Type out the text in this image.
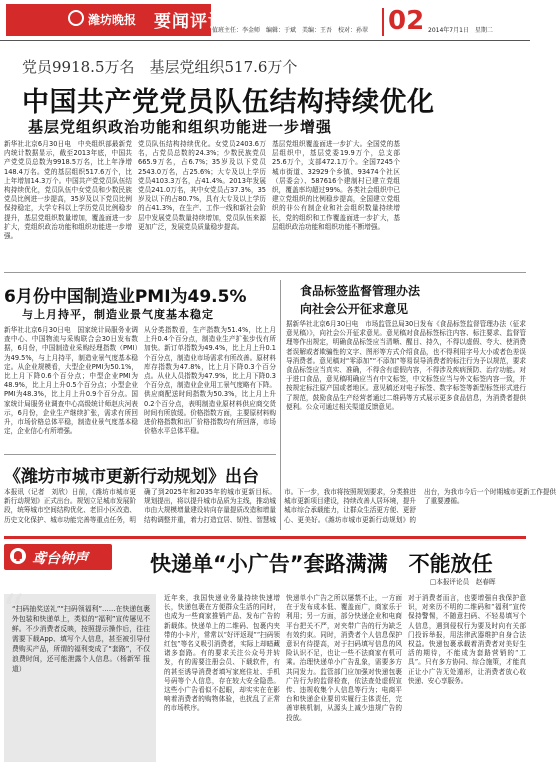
潍坊晚报 要闻评论
值班主任：李金师　编辑：于斌　美编：王吾　校对：孙翠 02 2014年7月1日　星期二
党员9918.5万名　基层党组织517.6万个
中国共产党党员队伍结构持续优化
基层党组织政治功能和组织功能进一步增强
新华社北京6月30日电　中央组织部最新党内统计数据显示，截至2013年底，中国共产党党员总数为9918.5万名，比上年净增148.4万名。党的基层组织517.6万个，比上年增加14.3万个。中国共产党党员队伍结构持续优化，党员队伍中女党员和少数民族党员比例进一步提高，35岁及以下党员比例保持稳定，大学专科以上学历党员比例稳步提升，基层党组织数量增加，覆盖面进一步扩大，党组织政治功能和组织功能进一步增强。
党员队伍结构持续优化。女党员2403.6万名，占党员总数的24.3%；少数民族党员665.9万名，占6.7%；35岁及以下党员2543.0万名，占25.6%；大专及以上学历党员4103.3万名，占41.4%。2013年发展党员241.0万名，其中女党员占37.3%，35岁及以下的占80.7%，具有大专及以上学历的占41.3%，在生产、工作一线和新社会阶层中发展党员数量持续增加，党员队伍来源更加广泛，发展党员质量稳步提高。
基层党组织覆盖面进一步扩大。全国党的基层组织中，基层党委19.9万个，总支部25.6万个，支部472.1万个。全国7245个城市街道、32929个乡镇、93474个社区（居委会）、587616个建制村已建立党组织，覆盖率均超过99%。各类社会组织中已建立党组织的比例稳步提高，全国建立党组织的非公有制企业和社会组织数量持续增长，党的组织和工作覆盖面进一步扩大，基层组织政治功能和组织功能不断增强。
6月份中国制造业PMI为49.5%
与上月持平，制造业景气度基本稳定
新华社北京6月30日电　国家统计局服务业调查中心、中国物流与采购联合会30日发布数据，6月份，中国制造业采购经理指数（PMI）为49.5%，与上月持平，制造业景气度基本稳定。从企业规模看，大型企业PMI为50.1%，比上月下降0.6个百分点；中型企业PMI为48.9%，比上月上升0.5个百分点；小型企业PMI为48.3%，比上月上升0.9个百分点。国家统计局服务业调查中心高级统计师赵庆河表示，6月份，企业生产继续扩张，需求有所回升，市场价格总体平稳，制造业景气度基本稳定，企业信心有所增强。
从分类指数看，生产指数为51.4%，比上月上升0.4个百分点，制造业生产扩张步伐有所加快。新订单指数为49.4%，比上月上升0.1个百分点，制造业市场需求有所改善。原材料库存指数为47.8%，比上月下降0.3个百分点。从业人员指数为47.9%，比上月下降0.3个百分点，制造业企业用工景气度略有下降。供应商配送时间指数为50.3%，比上月上升0.2个百分点，表明制造业原材料供应商交货时间有所放缓。价格指数方面，主要原材料购进价格指数和出厂价格指数均有所回落，市场价格水平总体平稳。
食品标签监督管理办法
向社会公开征求意见
据新华社北京6月30日电　市场监管总局30日发布《食品标签监督管理办法（征求意见稿）》，向社会公开征求意见。意见稿对食品标签标注内容、标注要求、监督管理等作出规定，明确食品标签应当清晰、醒目、持久，不得以虚假、夸大、使消费者误解或者欺骗性的文字、图形等方式介绍食品，也不得利用字号大小或者色差误导消费者。意见稿对“零添加”“不添加”等易误导消费者的标注行为予以规范，要求食品标签应当真实、准确，不得含有虚假内容，不得涉及疾病预防、治疗功能。对于进口食品，意见稿明确应当有中文标签，中文标签应当与外文标签内容一致，并按规定标注原产国或者地区。意见稿还对电子标签、数字标签等新型标签形式进行了规范，鼓励食品生产经营者通过二维码等方式展示更多食品信息，为消费者提供便利。公众可通过相关渠道反馈意见。
《潍坊市城市更新行动规划》出台
本报讯（记者　刘欣）日前，《潍坊市城市更新行动规划》正式出台。规划立足城市发展阶段，统筹城市空间结构优化、老旧小区改造、历史文化保护、城市功能完善等重点任务，明确了到2025年和2035年的城市更新目标。规划提出，将以提升城市品质为主线，推动城市由大规模增量建设转向存量提质改造和增量结构调整并重，着力打造宜居、韧性、智慧城市。下一步，我市将按照规划要求，分类推进城市更新项目建设，持续改善人居环境，提升城市综合承载能力，让群众生活更方便、更舒心、更美好。《潍坊市城市更新行动规划》的出台，为我市今后一个时期城市更新工作提供了重要遵循。
鸢台钟声	快递单“小广告”套路满满　不能放任
□本报评论员　赵春晖
“
“扫码抽奖送礼”“扫码领福利”……在快递包裹外包装和快递单上，类似的“福利”宣传屡见不鲜。不少消费者反映，按照提示操作后，往往需要下载App、填写个人信息，甚至被引导付费购买产品，所谓的福利变成了“套路”，不仅浪费时间，还可能泄露个人信息。（杨新军 报道）
近年来，我国快递业务量持续快速增长，快递包裹在方便群众生活的同时，也成为一些商家推销产品、发布广告的新载体。快递单上的二维码、包裹内夹带的小卡片，常常以“好评返现”“扫码领红包”等名义吸引消费者，实际上却暗藏诸多套路。有的要求关注公众号并转发，有的需要注册会员、下载软件，有的甚至诱导消费者填写家庭住址、手机号码等个人信息，存在较大安全隐患。这些小广告看似不起眼，却实实在在影响着消费者的购物体验，也扰乱了正常的市场秩序。
快递单小广告之所以屡禁不止，一方面在于发布成本低、覆盖面广，商家乐于利用；另一方面，部分快递企业和电商平台把关不严，对夹带广告的行为缺乏有效约束。同时，消费者个人信息保护意识有待提高，对于扫码填写信息的风险认识不足，也让一些不法商家有机可乘。治理快递单小广告乱象，需要多方共同发力。监管部门应加强对快递包裹广告行为的监督检查，依法查处虚假宣传、违规收集个人信息等行为；电商平台和快递企业要切实履行主体责任，完善审核机制，从源头上减少违规广告的投放。
对于消费者而言，也要增强自我保护意识，对来历不明的二维码和“福利”宣传保持警惕，不随意扫码、不轻易填写个人信息，遇到侵权行为要及时向有关部门投诉举报，用法律武器维护自身合法权益。快递包裹承载着消费者对美好生活的期待，不能成为套路营销的“工具”。只有多方协同、综合施策，才能真正让小广告无处遁形，让消费者放心收快递、安心享服务。
